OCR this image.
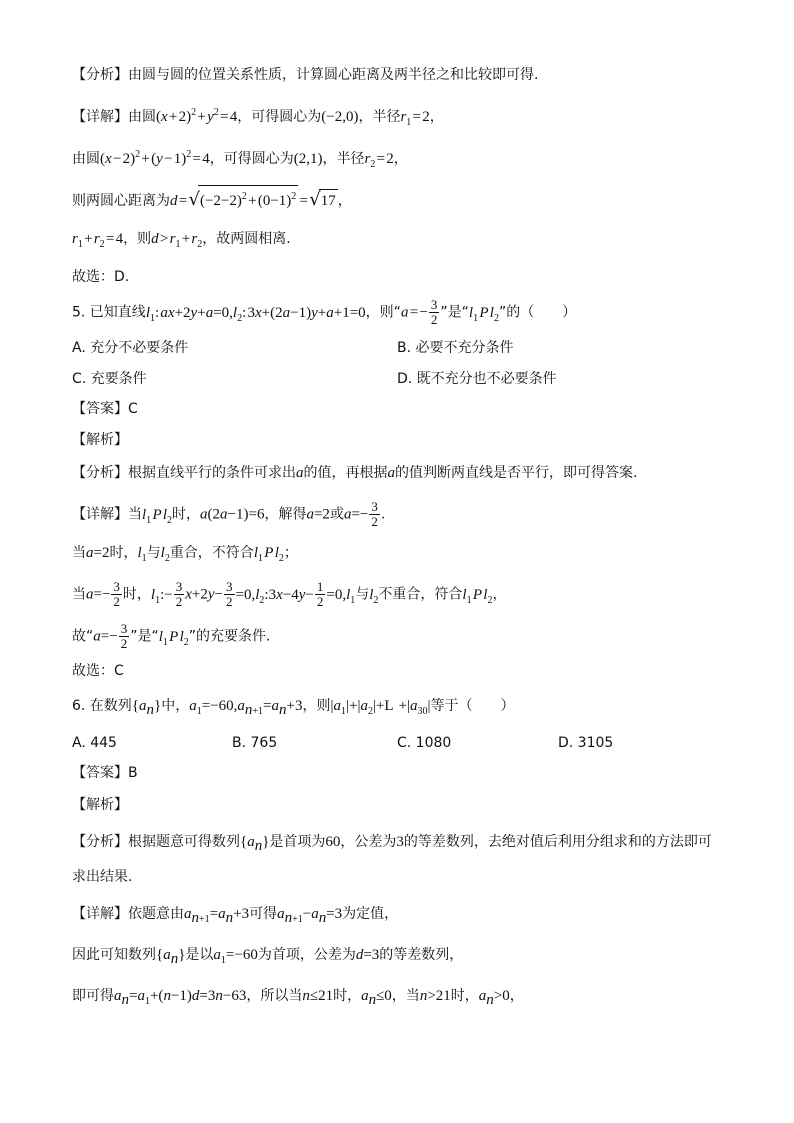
【分析】由圆与圆的位置关系性质，计算圆心距离及两半径之和比较即可得.
【详解】由圆(x + 2)$^2$ + $y^2$ = 4，可得圆心为(−2,0)，半径$r_1$ = 2，
由圆(x − 2)$^2$ + (y − 1)$^2$ = 4，可得圆心为(2,1)，半径$r_2$ = 2，
则两圆心距离为d = $√(-2-2)^2$ + $(0-1)^2$ = √17 ，
$r_1$ + $r_2$ = 4，则d > $r_1$ + $r_2$，故两圆相离.
故选：D.
5. 已知直线$l_1$: $ax+2y+a=0,l_2$: 3x+(2a−1)y+a+1=0，则“a = − $\frac{3}{2}$ ”是“$l_1$ P $l_2$”的（　　）
A. 充分不必要条件	B. 必要不充分条件
C. 充要条件	D. 既不充分也不必要条件
【答案】C
【解析】
【分析】根据直线平行的条件可求出a的值，再根据a的值判断两直线是否平行，即可得答案.
【详解】当$l_1$ P $l_2$时，a(2a−1)=6，解得a=2或$a=- \frac{3}{2}$ .
当a=2时，$l_1$与$l_2$重合，不符合$l_1$ P $l_2$；
当$a=- \frac{3}{2}$ 时，$l_1:- \frac{3}{2} x+2y- \frac{3}{2}$ $=0,l_2:3x-4y- \frac{1}{2} =0,l_1$与$l_2$不重合，符合$l_1$ P $l_2$，
故“$a=- \frac{3}{2}$ ”是“$l_1$ P $l_2$”的充要条件.
故选：C
6. 在数列$\{a_n\}$中，$a_1=-60,a_{n+1}=a_n+3$，则$|a_1|+|a_2|+L$ $+|a_{30}|$等于（　　）
A. 445	B. 765	C. 1080	D. 3105
【答案】B
【解析】
【分析】根据题意可得数列$\{a_n\}$是首项为60，公差为3的等差数列，去绝对值后利用分组求和的方法即可
求出结果.
【详解】依题意由$a_{n+1}=a_n+3$可得$a_{n+1}-a_n=3$为定值，
因此可知数列$\{a_n\}$是以$a_1=-60$为首项，公差为d=3的等差数列，
即可得$a_n=a_1+(n-1)d=3n-63$，所以当n≤21时，$a_n\le 0$，当n>21时，$a_n>0$，
